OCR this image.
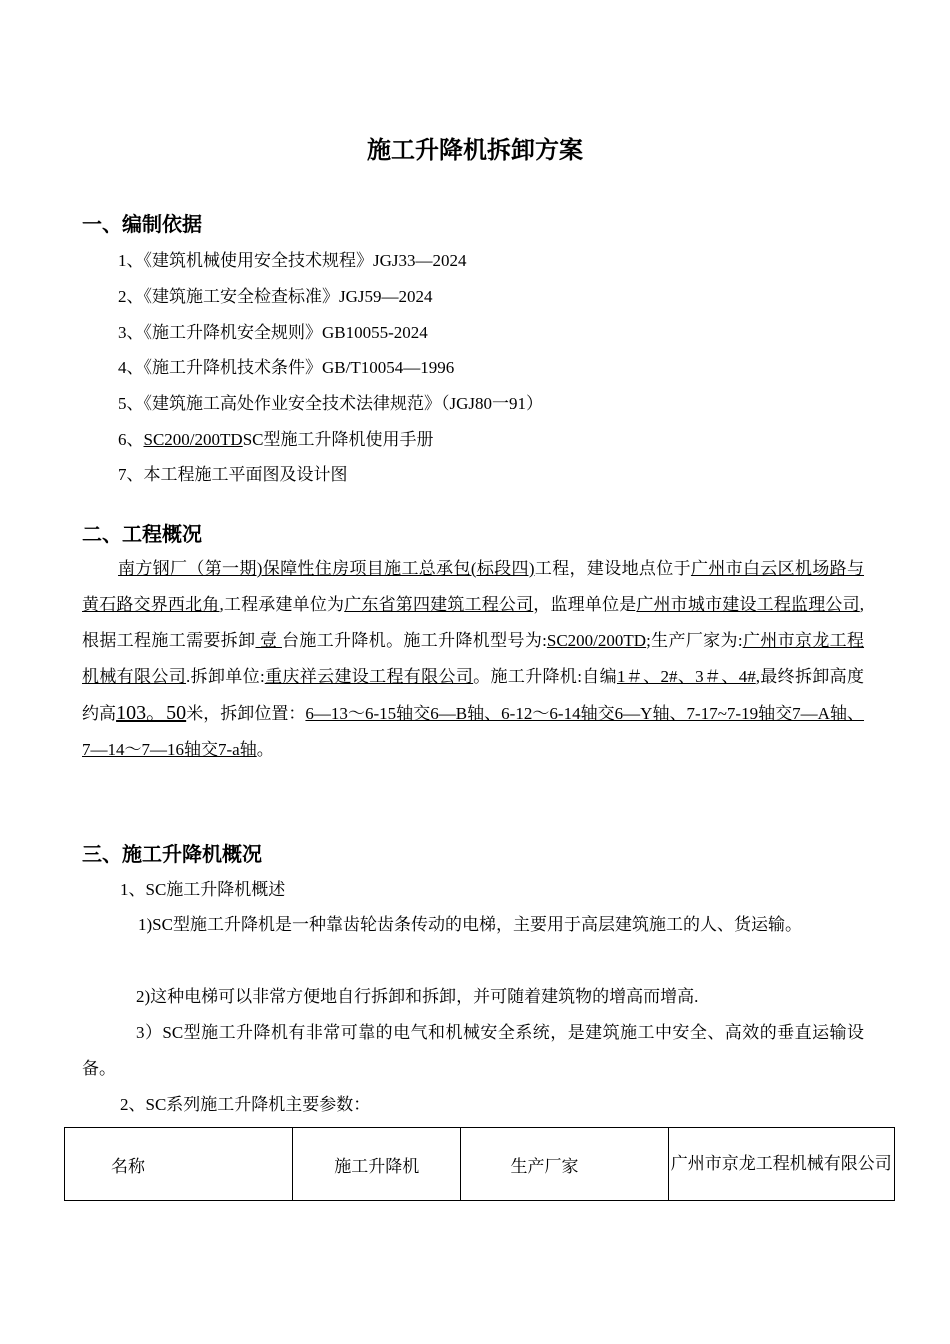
施工升降机拆卸方案
一、编制依据
1、《建筑机械使用安全技术规程》JGJ33—2024
2、《建筑施工安全检查标准》JGJ59—2024
3、《施工升降机安全规则》GB10055-2024
4、《施工升降机技术条件》GB/T10054—1996
5、《建筑施工高处作业安全技术法律规范》（JGJ80一91）
6、SC200/200TDSC型施工升降机使用手册
7、本工程施工平面图及设计图
二、工程概况

南方钢厂（第一期)保障性住房项目施工总承包(标段四)工程，建设地点位于广州市白云区机场路与黄石路交界西北角,工程承建单位为广东省第四建筑工程公司，监理单位是广州市城市建设工程监理公司,根据工程施工需要拆卸 壹 台施工升降机。施工升降机型号为:SC200/200TD;生产厂家为:广州市京龙工程机械有限公司.拆卸单位:重庆祥云建设工程有限公司。施工升降机:自编1＃、2#、3＃、4#,最终拆卸高度约高103。50米，拆卸位置：6—13～6-15轴交6—B轴、6-12～6-14轴交6—Y轴、7-17~7-19轴交7—A轴、7—14～7—16轴交7-a轴。

三、施工升降机概况
1、SC施工升降机概述

1)SC型施工升降机是一种靠齿轮齿条传动的电梯，主要用于高层建筑施工的人、货运输。

2)这种电梯可以非常方便地自行拆卸和拆卸，并可随着建筑物的增高而增高.

3）SC型施工升降机有非常可靠的电气和机械安全系统，是建筑施工中安全、高效的垂直运输设备。

2、SC系列施工升降机主要参数：
名称	施工升降机	生产厂家	广州市京龙工程机械有限公司
